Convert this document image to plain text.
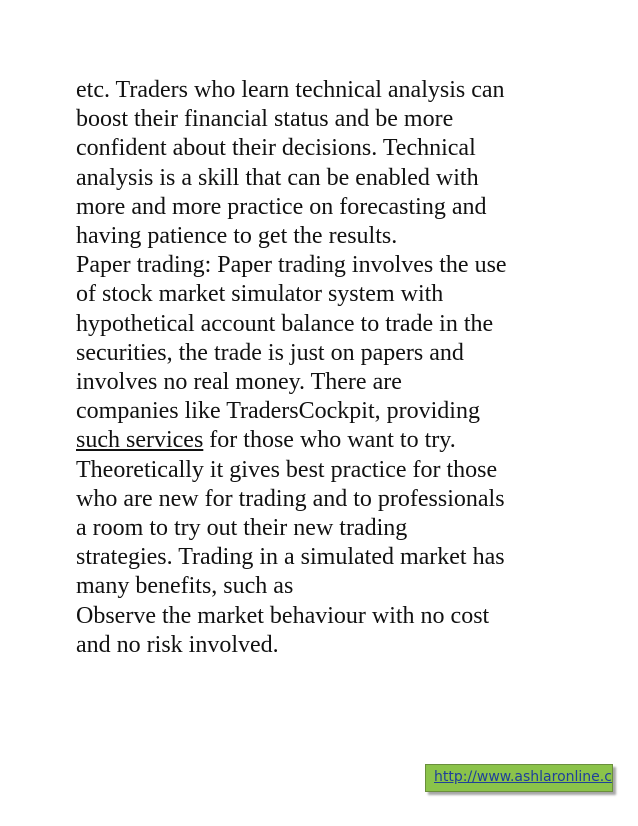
etc. Traders who learn technical analysis can
boost their financial status and be more
confident about their decisions. Technical
analysis is a skill that can be enabled with
more and more practice on forecasting and
having patience to get the results.
Paper trading: Paper trading involves the use
of stock market simulator system with
hypothetical account balance to trade in the
securities, the trade is just on papers and
involves no real money. There are
companies like TradersCockpit, providing
such services for those who want to try.
Theoretically it gives best practice for those
who are new for trading and to professionals
a room to try out their new trading
strategies. Trading in a simulated market has
many benefits, such as
Observe the market behaviour with no cost
and no risk involved.
http://www.ashlaronline.c
